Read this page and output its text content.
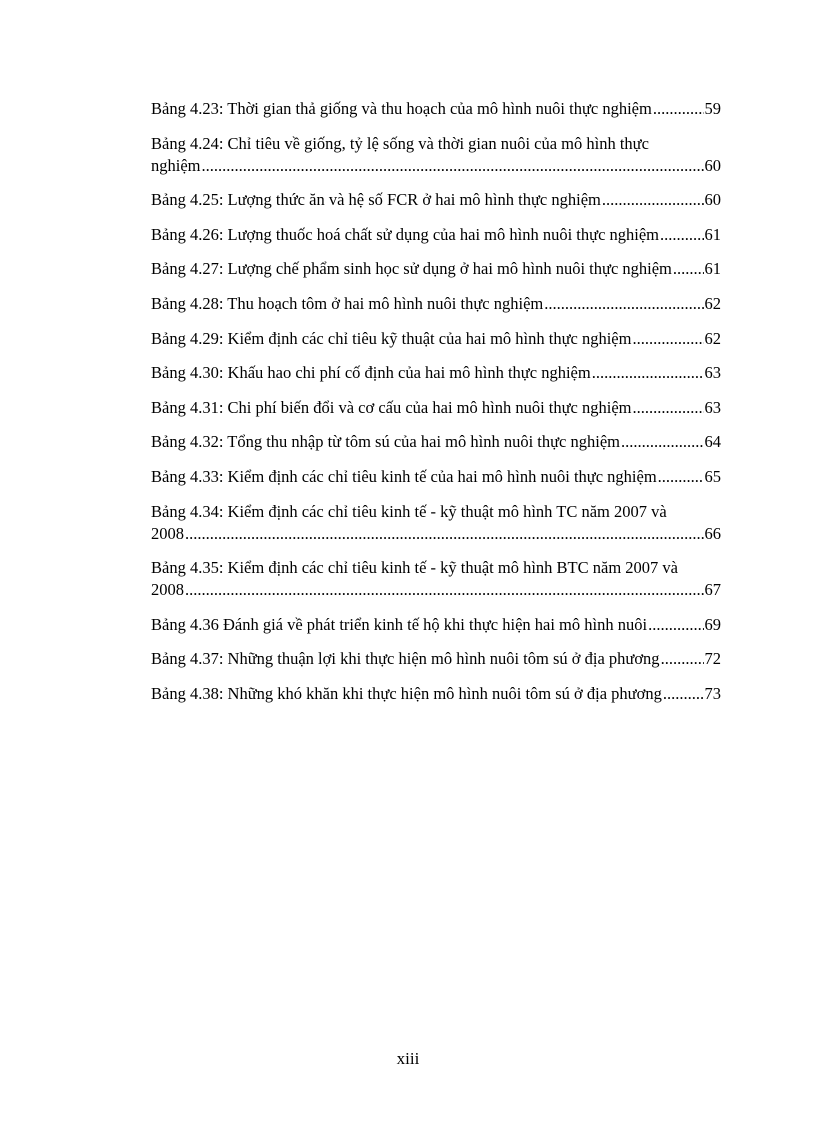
Bảng 4.23: Thời gian thả giống và thu hoạch của mô hình nuôi thực nghiệm .....	59
Bảng 4.24: Chỉ tiêu về giống, tỷ lệ sống và thời gian nuôi của mô hình thực
nghiệm .....	60
Bảng 4.25: Lượng thức ăn và hệ số FCR ở hai mô hình thực nghiệm .....	60
Bảng 4.26: Lượng thuốc hoá chất sử dụng của hai mô hình nuôi thực nghiệm .....	61
Bảng 4.27: Lượng chế phẩm sinh học sử dụng ở hai mô hình nuôi thực nghiệm ..... 61
Bảng 4.28: Thu hoạch tôm ở hai mô hình nuôi thực nghiệm .....	62
Bảng 4.29: Kiểm định các chỉ tiêu kỹ thuật của hai mô hình thực nghiệm .....	62
Bảng 4.30: Khấu hao chi phí cố định của hai mô hình thực nghiệm .....	63
Bảng 4.31: Chi phí biến đổi và cơ cấu của hai mô hình nuôi thực nghiệm .....	63
Bảng 4.32: Tổng thu nhập từ tôm sú của hai mô hình nuôi thực nghiệm .....	64
Bảng 4.33: Kiểm định các chỉ tiêu kinh tế của hai mô hình nuôi thực nghiệm .....	65
Bảng 4.34: Kiểm định các chỉ tiêu kinh tế - kỹ thuật mô hình TC năm 2007 và
2008 .....	66
Bảng 4.35: Kiểm định các chỉ tiêu kinh tế - kỹ thuật mô hình BTC năm 2007 và
2008 .....	67
Bảng 4.36 Đánh giá về phát triển kinh tế hộ khi thực hiện hai mô hình nuôi .....	69
Bảng 4.37: Những thuận lợi khi thực hiện mô hình nuôi tôm sú ở địa phương .....	72
Bảng 4.38: Những khó khăn khi thực hiện mô hình nuôi tôm sú ở địa phương .....	73
xiii
